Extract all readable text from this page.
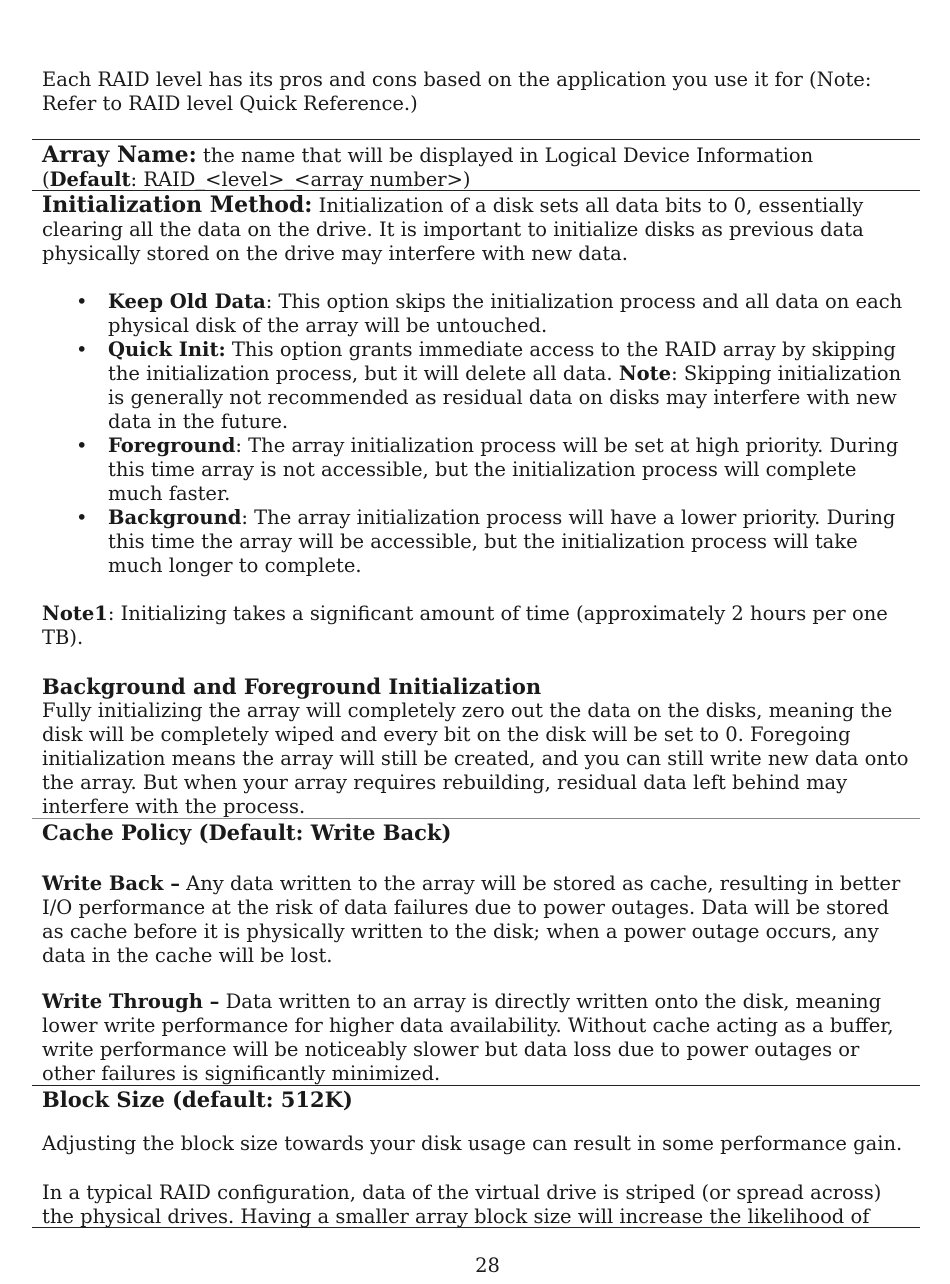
Each RAID level has its pros and cons based on the application you use it for (Note: Refer to RAID level Quick Reference.)

Array Name: the name that will be displayed in Logical Device Information (Default: RAID_<level>_<array number>)

Initialization Method: Initialization of a disk sets all data bits to 0, essentially clearing all the data on the drive. It is important to initialize disks as previous data physically stored on the drive may interfere with new data.

• Keep Old Data: This option skips the initialization process and all data on each physical disk of the array will be untouched.
• Quick Init: This option grants immediate access to the RAID array by skipping the initialization process, but it will delete all data. Note: Skipping initialization is generally not recommended as residual data on disks may interfere with new data in the future.
• Foreground: The array initialization process will be set at high priority. During this time array is not accessible, but the initialization process will complete much faster.
• Background: The array initialization process will have a lower priority. During this time the array will be accessible, but the initialization process will take much longer to complete.

Note1: Initializing takes a significant amount of time (approximately 2 hours per one TB).

Background and Foreground Initialization

Fully initializing the array will completely zero out the data on the disks, meaning the disk will be completely wiped and every bit on the disk will be set to 0. Foregoing initialization means the array will still be created, and you can still write new data onto the array. But when your array requires rebuilding, residual data left behind may interfere with the process.

Cache Policy (Default: Write Back)

Write Back – Any data written to the array will be stored as cache, resulting in better I/O performance at the risk of data failures due to power outages. Data will be stored as cache before it is physically written to the disk; when a power outage occurs, any data in the cache will be lost.

Write Through – Data written to an array is directly written onto the disk, meaning lower write performance for higher data availability. Without cache acting as a buffer, write performance will be noticeably slower but data loss due to power outages or other failures is significantly minimized.

Block Size (default: 512K)

Adjusting the block size towards your disk usage can result in some performance gain.

In a typical RAID configuration, data of the virtual drive is striped (or spread across) the physical drives. Having a smaller array block size will increase the likelihood of

28
